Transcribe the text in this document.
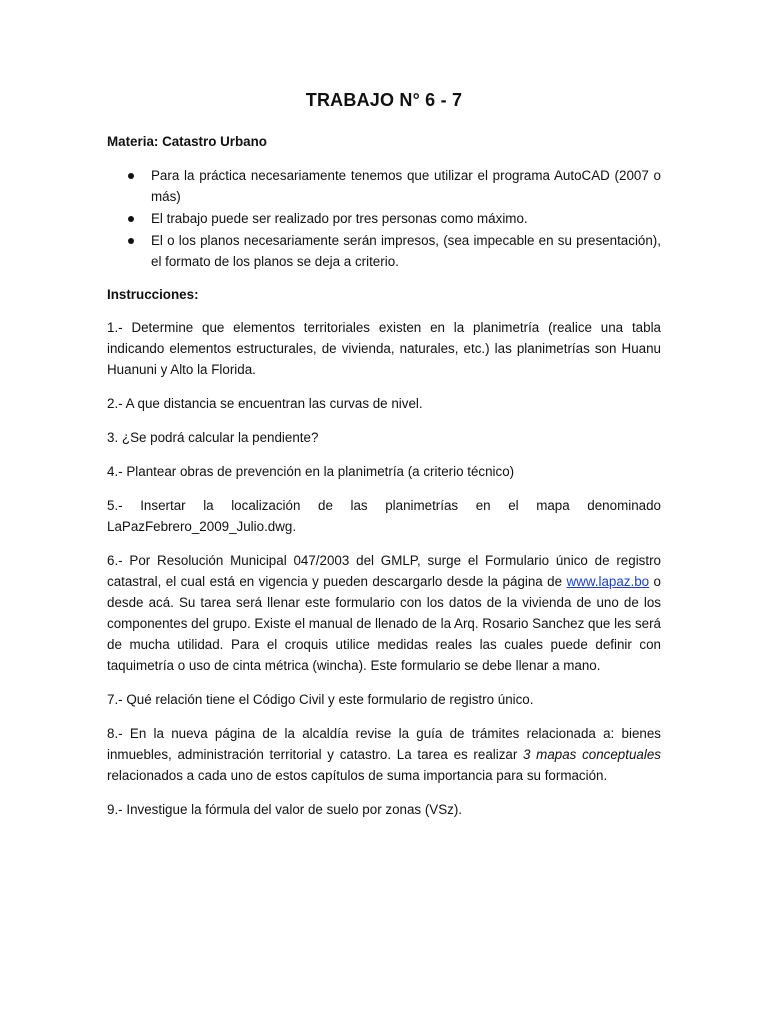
TRABAJO N° 6 - 7
Materia: Catastro Urbano
Para la práctica necesariamente tenemos que utilizar el programa AutoCAD (2007 o más)
El trabajo puede ser realizado por tres personas como máximo.
El o los planos necesariamente serán impresos, (sea impecable en su presentación), el formato de los planos se deja a criterio.
Instrucciones:

1.- Determine que elementos territoriales existen en la planimetría (realice una tabla indicando elementos estructurales, de vivienda, naturales, etc.) las planimetrías son Huanu Huanuni y Alto la Florida.

2.- A que distancia se encuentran las curvas de nivel.

3. ¿Se podrá calcular la pendiente?

4.- Plantear obras de prevención en la planimetría (a criterio técnico)

5.- Insertar la localización de las planimetrías en el mapa denominado LaPazFebrero_2009_Julio.dwg.

6.- Por Resolución Municipal 047/2003 del GMLP, surge el Formulario único de registro catastral, el cual está en vigencia y pueden descargarlo desde la página de www.lapaz.bo o desde acá. Su tarea será llenar este formulario con los datos de la vivienda de uno de los componentes del grupo. Existe el manual de llenado de la Arq. Rosario Sanchez que les será de mucha utilidad. Para el croquis utilice medidas reales las cuales puede definir con taquimetría o uso de cinta métrica (wincha). Este formulario se debe llenar a mano.

7.- Qué relación tiene el Código Civil y este formulario de registro único.

8.- En la nueva página de la alcaldía revise la guía de trámites relacionada a: bienes inmuebles, administración territorial y catastro. La tarea es realizar 3 mapas conceptuales relacionados a cada uno de estos capítulos de suma importancia para su formación.

9.- Investigue la fórmula del valor de suelo por zonas (VSz).
